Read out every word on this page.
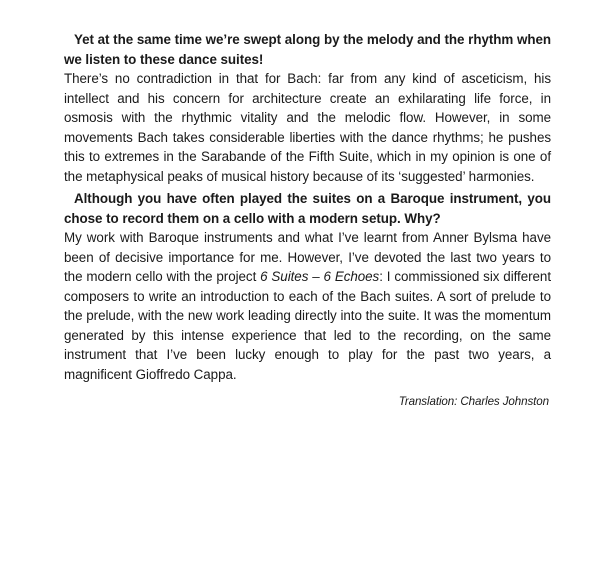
Yet at the same time we’re swept along by the melody and the rhythm when we listen to these dance suites!

There’s no contradiction in that for Bach: far from any kind of asceticism, his intellect and his concern for architecture create an exhilarating life force, in osmosis with the rhythmic vitality and the melodic flow. However, in some movements Bach takes considerable liberties with the dance rhythms; he pushes this to extremes in the Sarabande of the Fifth Suite, which in my opinion is one of the metaphysical peaks of musical history because of its ‘suggested’ harmonies.

Although you have often played the suites on a Baroque instrument, you chose to record them on a cello with a modern setup. Why?

My work with Baroque instruments and what I’ve learnt from Anner Bylsma have been of decisive importance for me. However, I’ve devoted the last two years to the modern cello with the project 6 Suites – 6 Echoes: I commissioned six different composers to write an introduction to each of the Bach suites. A sort of prelude to the prelude, with the new work leading directly into the suite. It was the momentum generated by this intense experience that led to the recording, on the same instrument that I’ve been lucky enough to play for the past two years, a magnificent Gioffredo Cappa.

Translation: Charles Johnston
